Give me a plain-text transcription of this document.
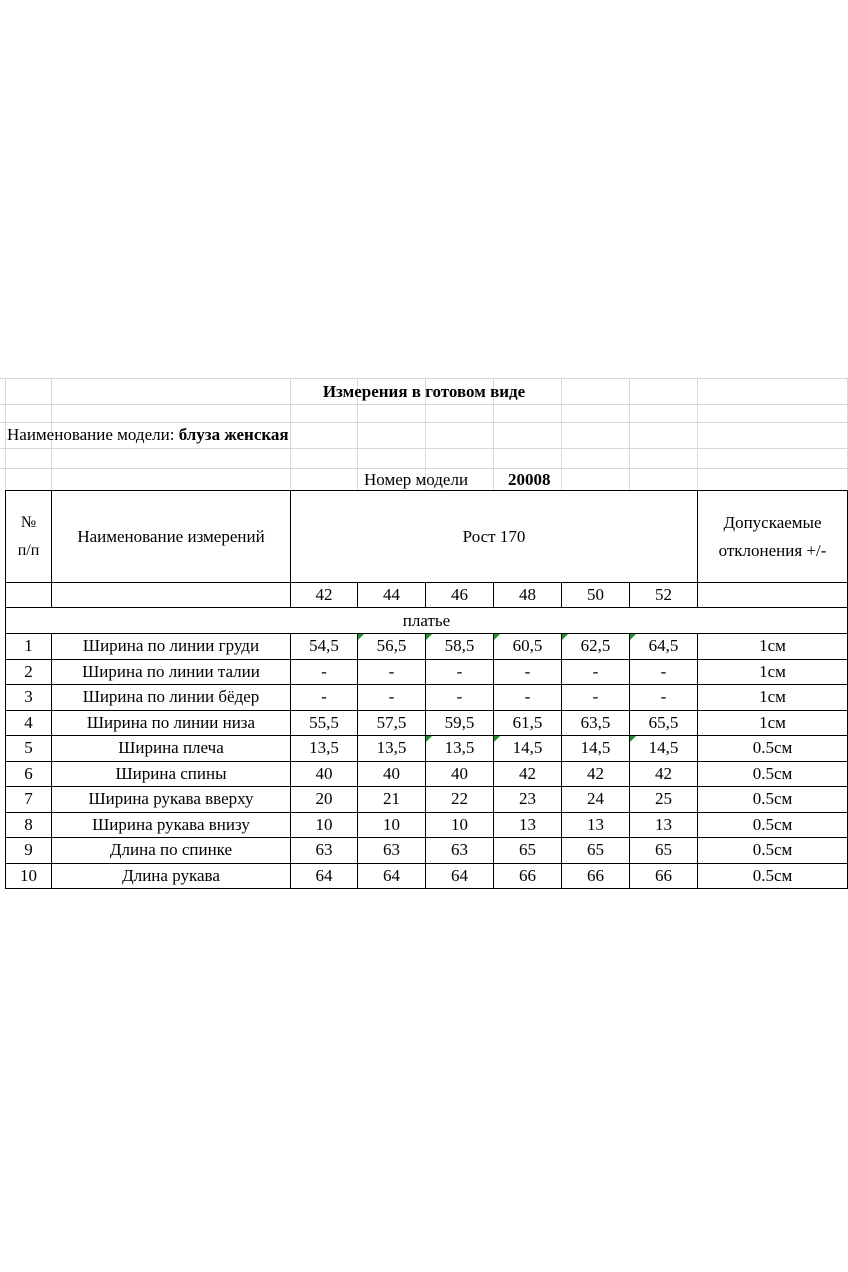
Измерения в готовом виде
Наименование модели: блуза женская
Номер модели 20008
№
п/п	Наименование измерений	Рост 170						Допускаемые отклонения +/-
		42	44	46	48	50	52	
платье								
1	Ширина по линии груди	54,5	56,5	58,5	60,5	62,5	64,5	1см
2	Ширина по линии талии	-	-	-	-	-	-	1см
3	Ширина по линии бёдер	-	-	-	-	-	-	1см
4	Ширина по линии низа	55,5	57,5	59,5	61,5	63,5	65,5	1см
5	Ширина плеча	13,5	13,5	13,5	14,5	14,5	14,5	0.5см
6	Ширина спины	40	40	40	42	42	42	0.5см
7	Ширина рукава вверху	20	21	22	23	24	25	0.5см
8	Ширина рукава внизу	10	10	10	13	13	13	0.5см
9	Длина по спинке	63	63	63	65	65	65	0.5см
10	Длина рукава	64	64	64	66	66	66	0.5см
